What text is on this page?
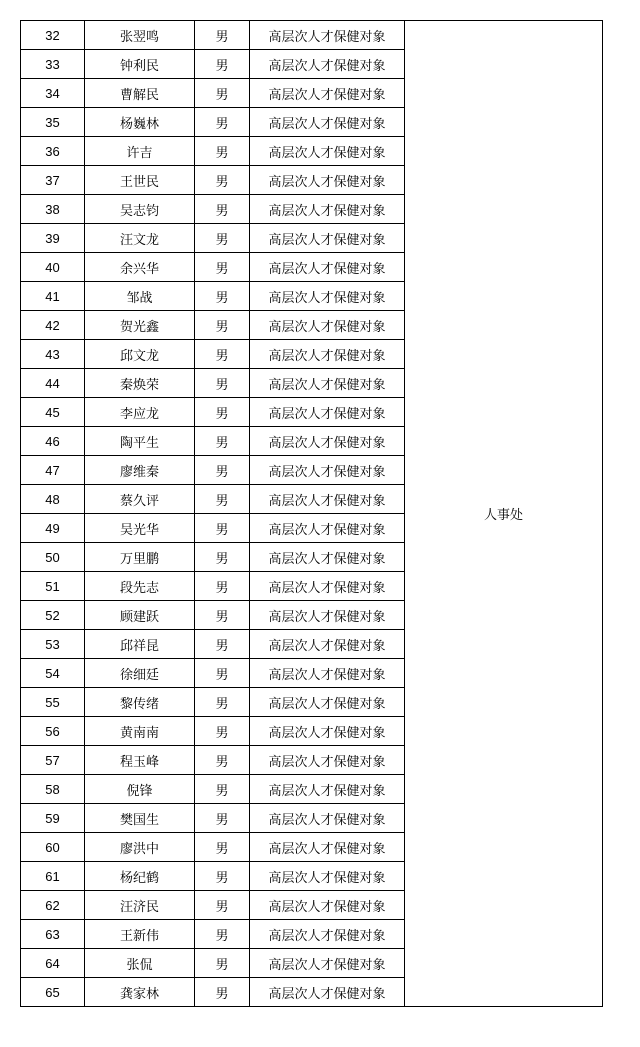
32	张翌鸣	男	高层次人才保健对象	人事处
33	钟利民	男	高层次人才保健对象	
34	曹解民	男	高层次人才保健对象	
35	杨巍林	男	高层次人才保健对象	
36	许吉	男	高层次人才保健对象	
37	王世民	男	高层次人才保健对象	
38	吴志钧	男	高层次人才保健对象	
39	汪文龙	男	高层次人才保健对象	
40	余兴华	男	高层次人才保健对象	
41	邹战	男	高层次人才保健对象	
42	贺光鑫	男	高层次人才保健对象	
43	邱文龙	男	高层次人才保健对象	
44	秦焕荣	男	高层次人才保健对象	
45	李应龙	男	高层次人才保健对象	
46	陶平生	男	高层次人才保健对象	
47	廖维秦	男	高层次人才保健对象	
48	蔡久评	男	高层次人才保健对象	
49	吴光华	男	高层次人才保健对象	
50	万里鹏	男	高层次人才保健对象	
51	段先志	男	高层次人才保健对象	
52	顾建跃	男	高层次人才保健对象	
53	邱祥昆	男	高层次人才保健对象	
54	徐细廷	男	高层次人才保健对象	
55	黎传绪	男	高层次人才保健对象	
56	黄南南	男	高层次人才保健对象	
57	程玉峰	男	高层次人才保健对象	
58	倪锋	男	高层次人才保健对象	
59	樊国生	男	高层次人才保健对象	
60	廖洪中	男	高层次人才保健对象	
61	杨纪鹤	男	高层次人才保健对象	
62	汪济民	男	高层次人才保健对象	
63	王新伟	男	高层次人才保健对象	
64	张侃	男	高层次人才保健对象	
65	龚家林	男	高层次人才保健对象	
